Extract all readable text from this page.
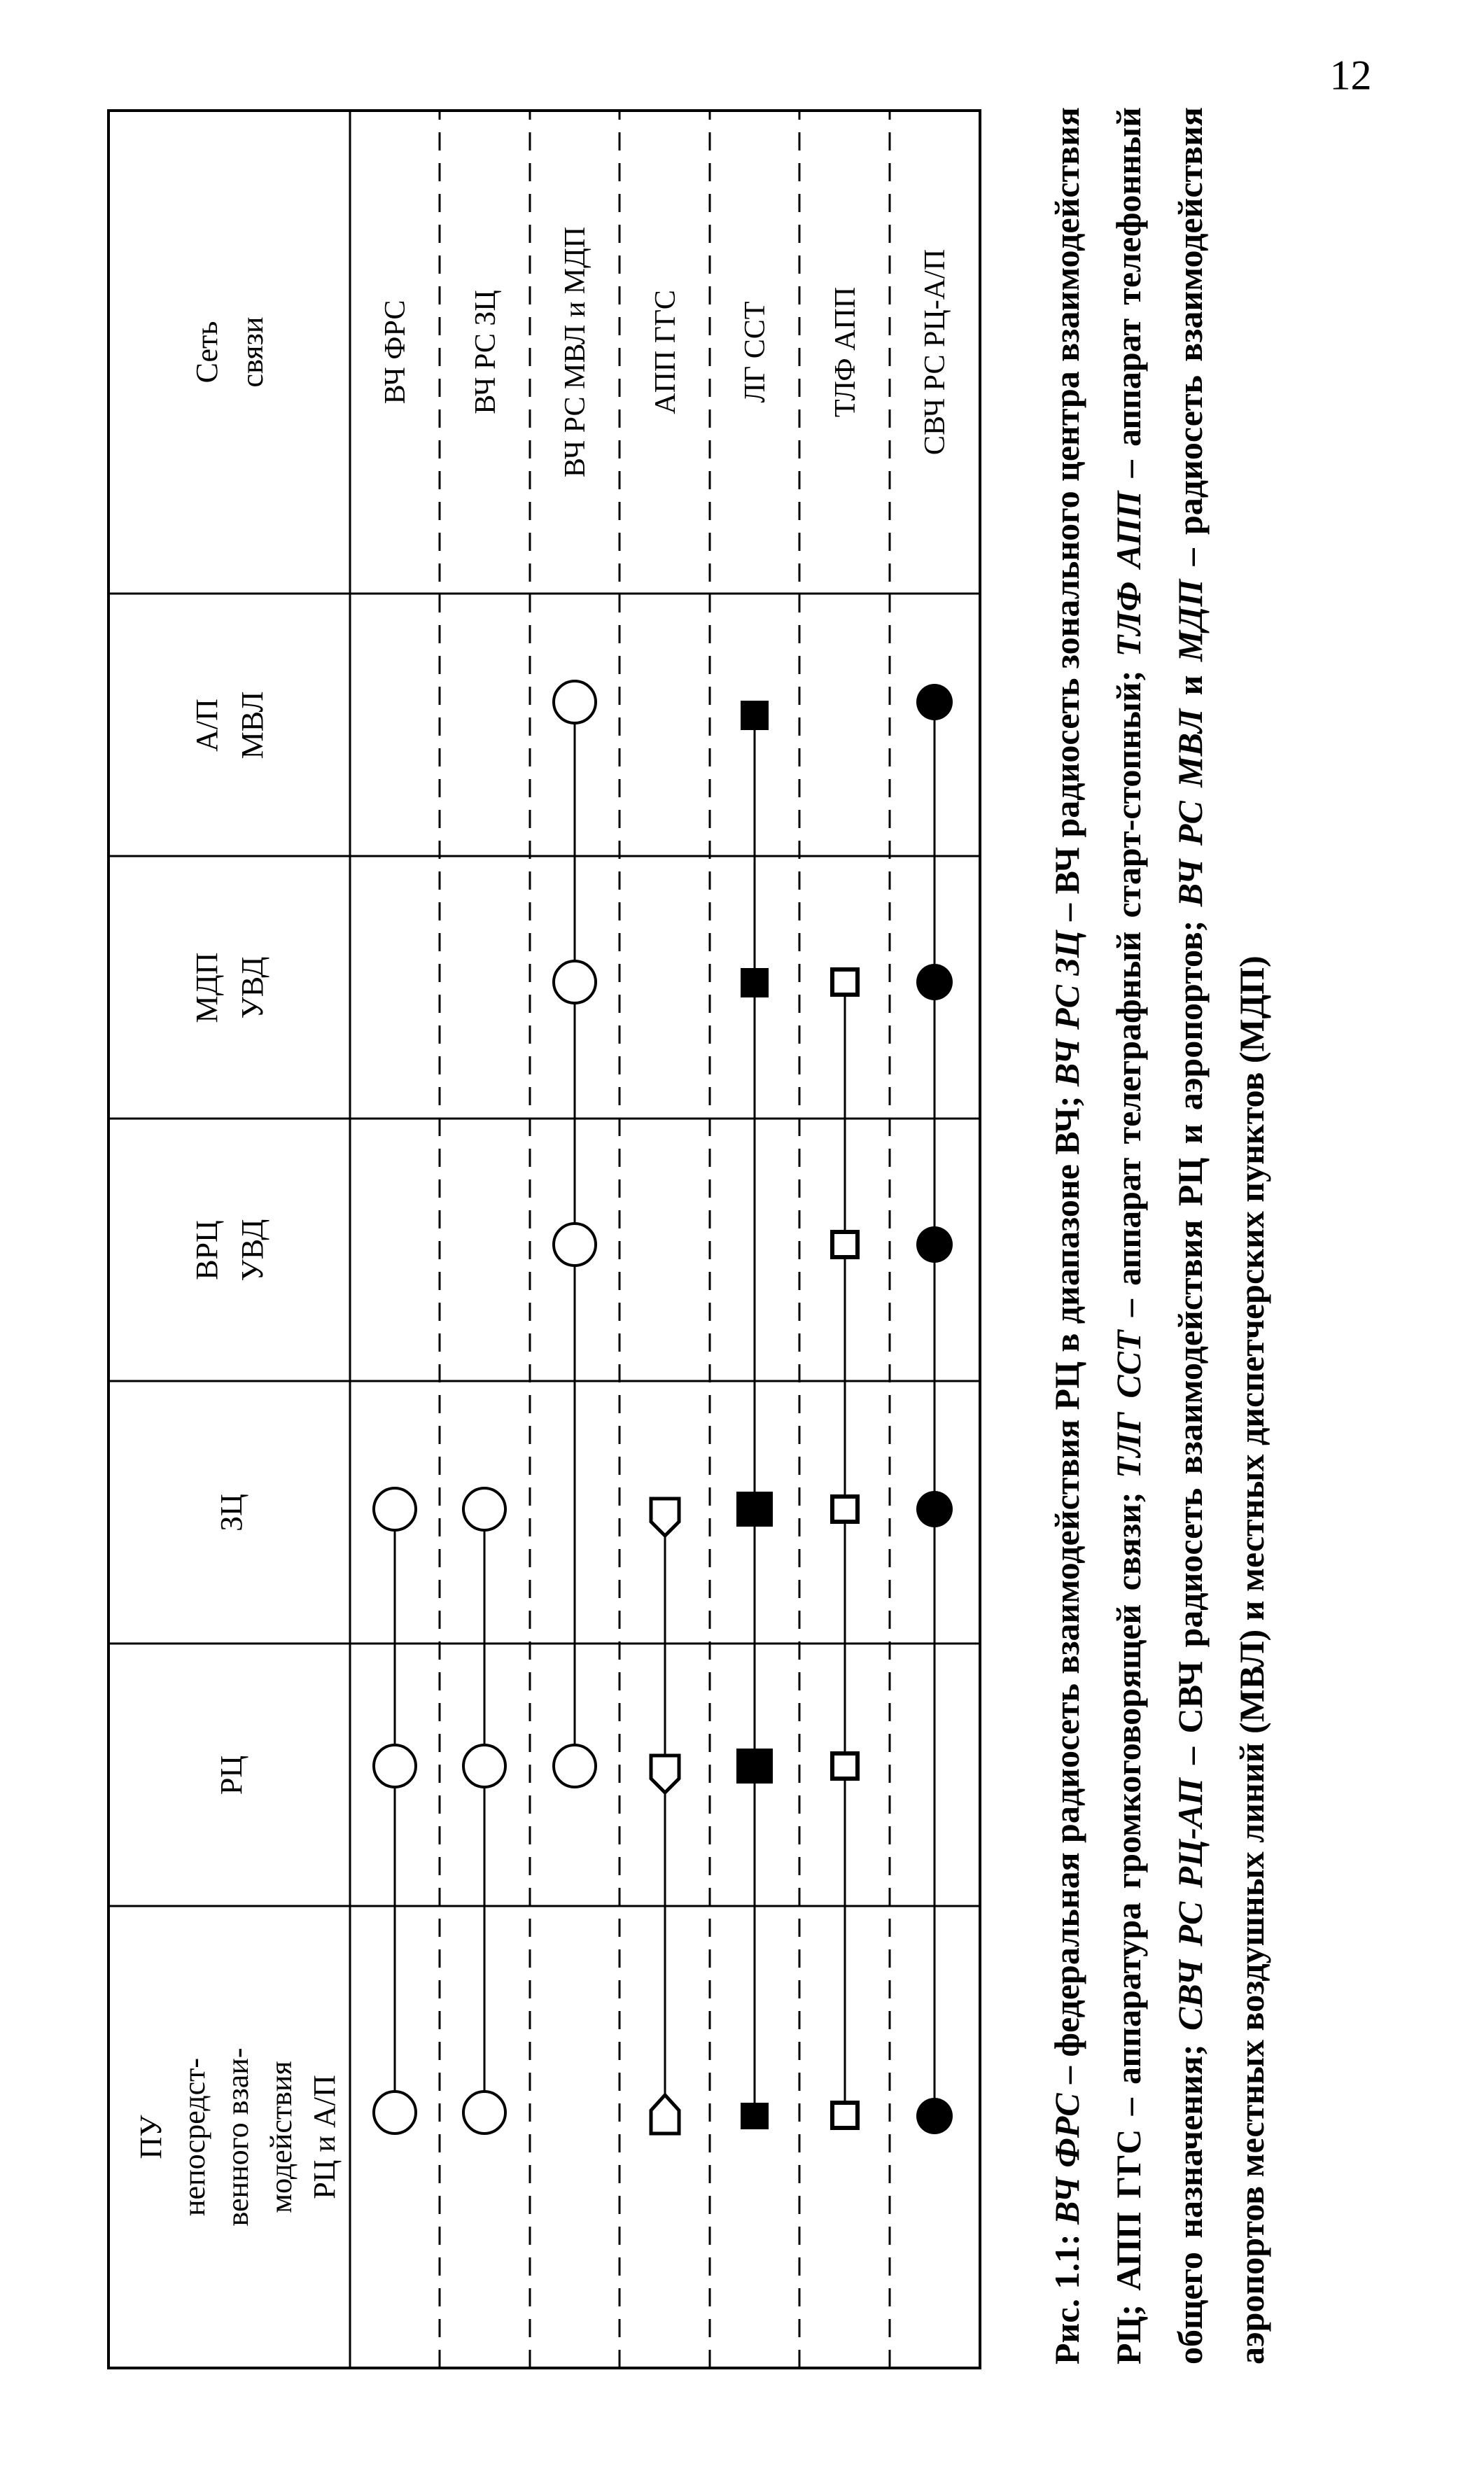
ПУ непосредст- венного взаи- модействия РЦ и А/П
РЦ
ЗЦ
ВРЦ УВД
МДП УВД
А/П МВЛ
Сеть связи	ВЧ ФРС ВЧ РС ЗЦ ВЧ РС МВЛ и МДП АПП ГГС ЛГ ССТ ТЛФ АПП СВЧ РС РЦ-А/П
Рис. 1.1: ВЧ ФРС – федеральная радиосеть взаимодействия РЦ в диапазоне ВЧ; ВЧ РС ЗЦ – ВЧ радиосеть зонального центра взаимодействия РЦ; АПП ГГС – аппаратура громкоговорящей связи; ТЛГ ССТ – аппарат телеграфный старт-стопный; ТЛФ АПП – аппарат телефонный общего назначения; СВЧ РС РЦ-АП – СВЧ радиосеть взаимодействия РЦ и аэропортов; ВЧ РС МВЛ и МДП – радиосеть взаимодействия аэропортов местных воздушных линий (МВЛ) и местных диспетчерских пунктов (МДП)
12
